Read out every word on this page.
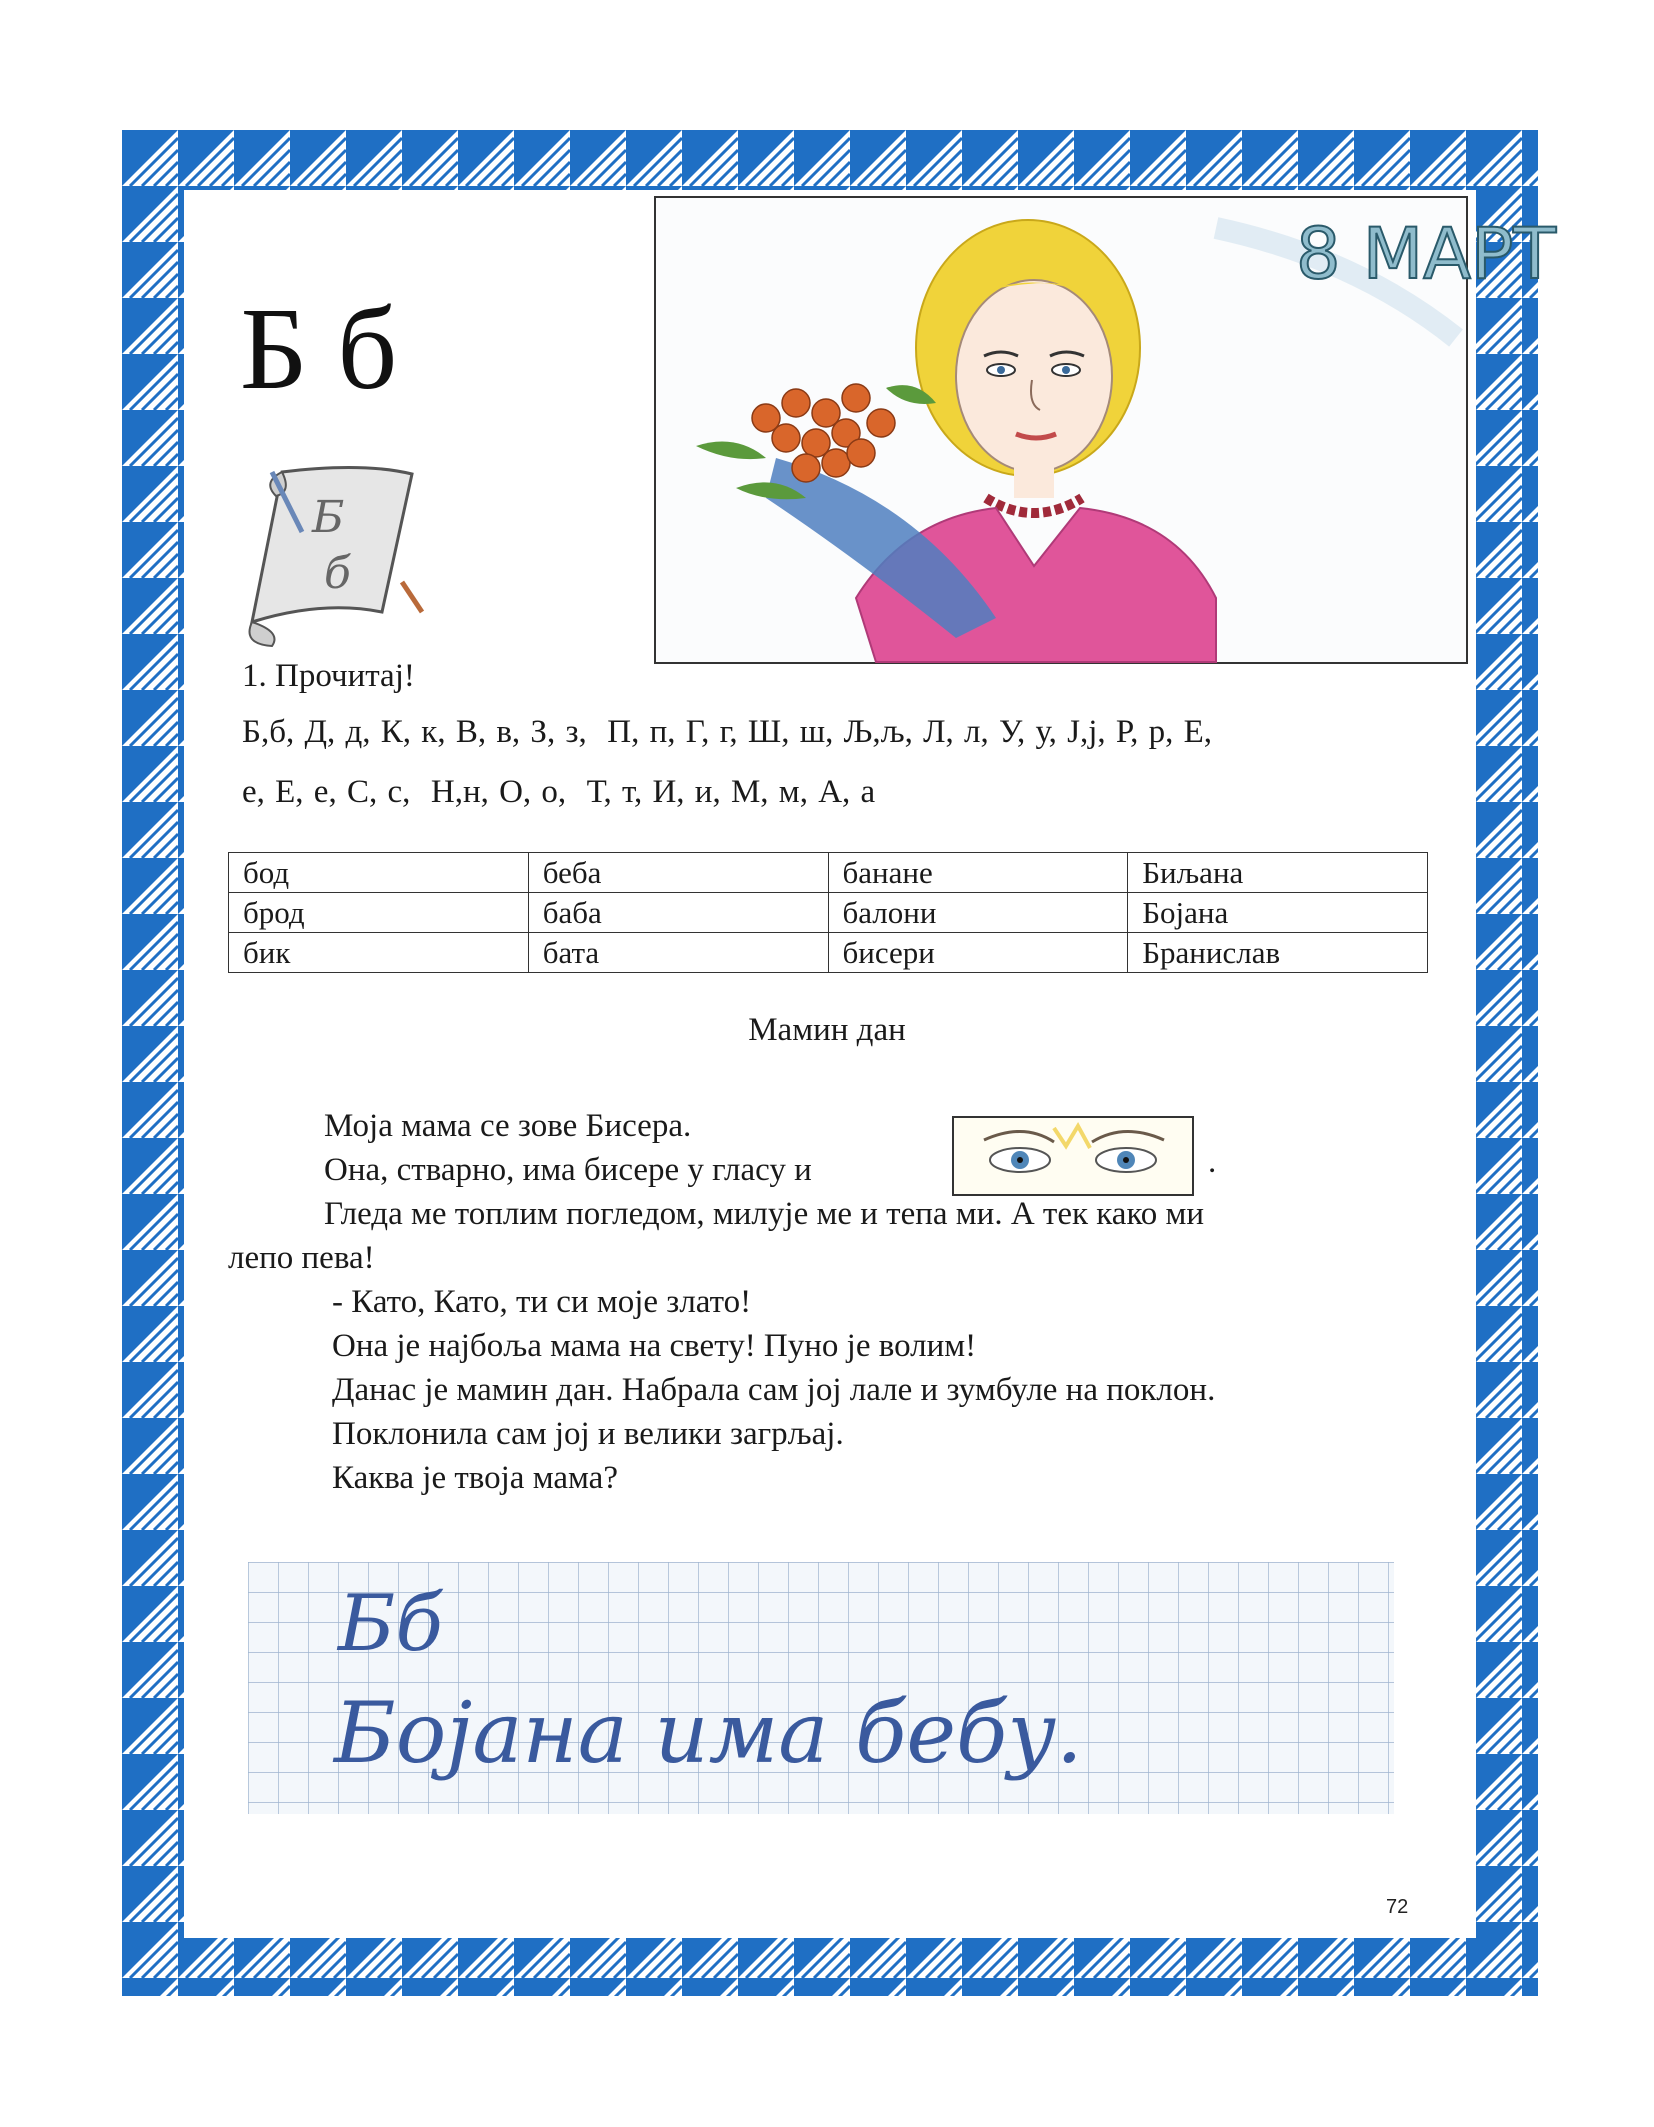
Б б
Б
б
8 МАРТ
1. Прочитај!
Б,б, Д, д, К, к, В, в, З, з,  П, п, Г, г, Ш, ш, Љ,љ, Л, л, У, у, Ј,ј, Р, р, Е,
е, Е, е, С, с,  Н,н, О, о,  Т, т, И, и, М, м, А, а
бод	беба	банане	Биљана
брод	баба	балони	Бојана
бик	бата	бисери	Бранислав
Мамин дан
Моја мама се зове Бисера.
Она, стварно, има бисере у гласу и
Гледа ме топлим погледом, милује ме и тепа ми. А тек како ми
лепо пева!
- Като, Като, ти си моје злато!
Она је најбоља мама на свету! Пуно је волим!
Данас је мамин дан. Набрала сам јој лале и зумбуле на поклон.
Поклонила сам јој и велики загрљај.
Каква је твоја мама?
.
Бб
Бојана има бебу.
72
